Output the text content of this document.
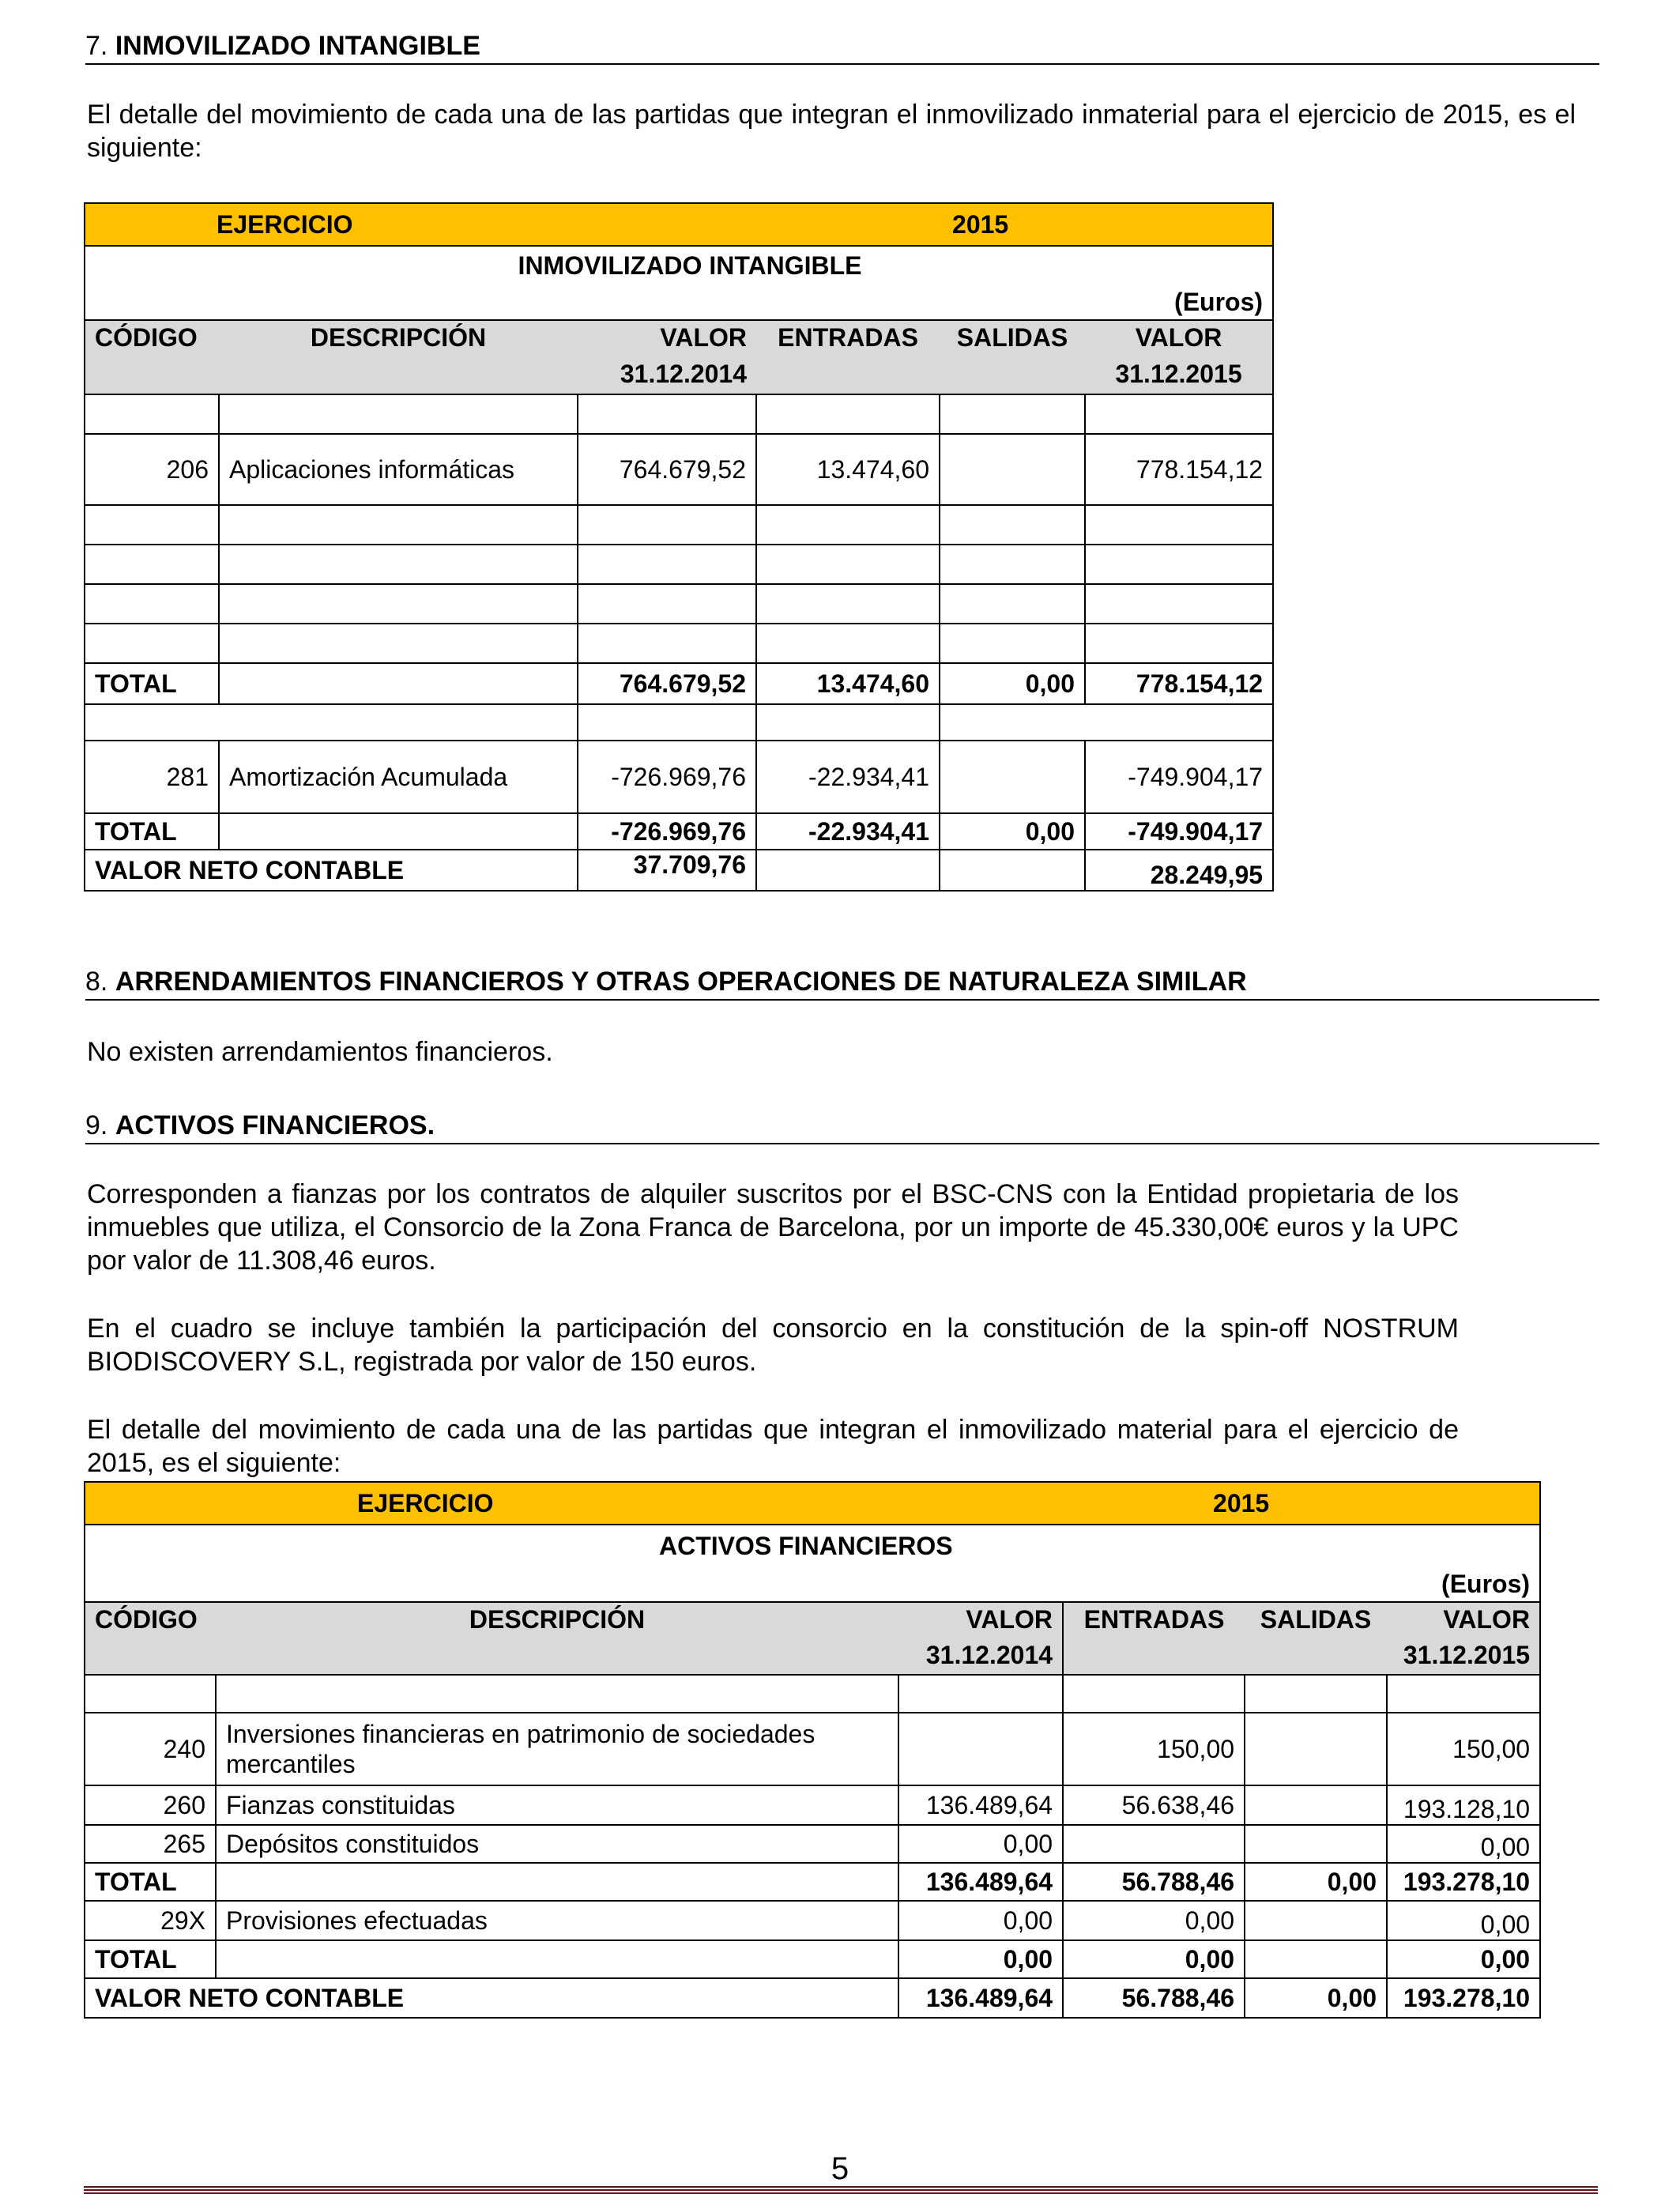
7. INMOVILIZADO INTANGIBLE
El detalle del movimiento de cada una de las partidas que integran el inmovilizado inmaterial para el ejercicio de 2015, es el siguiente:
EJERCICIO			2015		
INMOVILIZADO INTANGIBLE					
(Euros)					
CÓDIGO	DESCRIPCIÓN	VALOR	ENTRADAS	SALIDAS	VALOR
		31.12.2014			31.12.2015

206	Aplicaciones informáticas	764.679,52	13.474,60		778.154,12

TOTAL		764.679,52	13.474,60	0,00	778.154,12

281	Amortización Acumulada	-726.969,76	-22.934,41		-749.904,17
TOTAL		-726.969,76	-22.934,41	0,00	-749.904,17
VALOR NETO CONTABLE		37.709,76			28.249,95
8. ARRENDAMIENTOS FINANCIEROS Y OTRAS OPERACIONES DE NATURALEZA SIMILAR
No existen arrendamientos financieros.
9. ACTIVOS FINANCIEROS.
Corresponden a fianzas por los contratos de alquiler suscritos por el BSC-CNS con la Entidad propietaria de los inmuebles que utiliza, el Consorcio de la Zona Franca de Barcelona, por un importe de 45.330,00€ euros y la UPC por valor de 11.308,46 euros.
En el cuadro se incluye también la participación del consorcio en la constitución de la spin-off NOSTRUM BIODISCOVERY S.L, registrada por valor de 150 euros.
El detalle del movimiento de cada una de las partidas que integran el inmovilizado material para el ejercicio de 2015, es el siguiente:
EJERCICIO			2015		
ACTIVOS FINANCIEROS					
(Euros)					
CÓDIGO	DESCRIPCIÓN	VALOR	ENTRADAS	SALIDAS	VALOR
		31.12.2014			31.12.2015

240	Inversiones financieras en patrimonio de sociedades mercantiles		150,00		150,00
260	Fianzas constituidas	136.489,64	56.638,46		193.128,10
265	Depósitos constituidos	0,00			0,00
TOTAL		136.489,64	56.788,46	0,00	193.278,10
29X	Provisiones efectuadas	0,00	0,00		0,00
TOTAL		0,00	0,00		0,00
VALOR NETO CONTABLE		136.489,64	56.788,46	0,00	193.278,10
5
